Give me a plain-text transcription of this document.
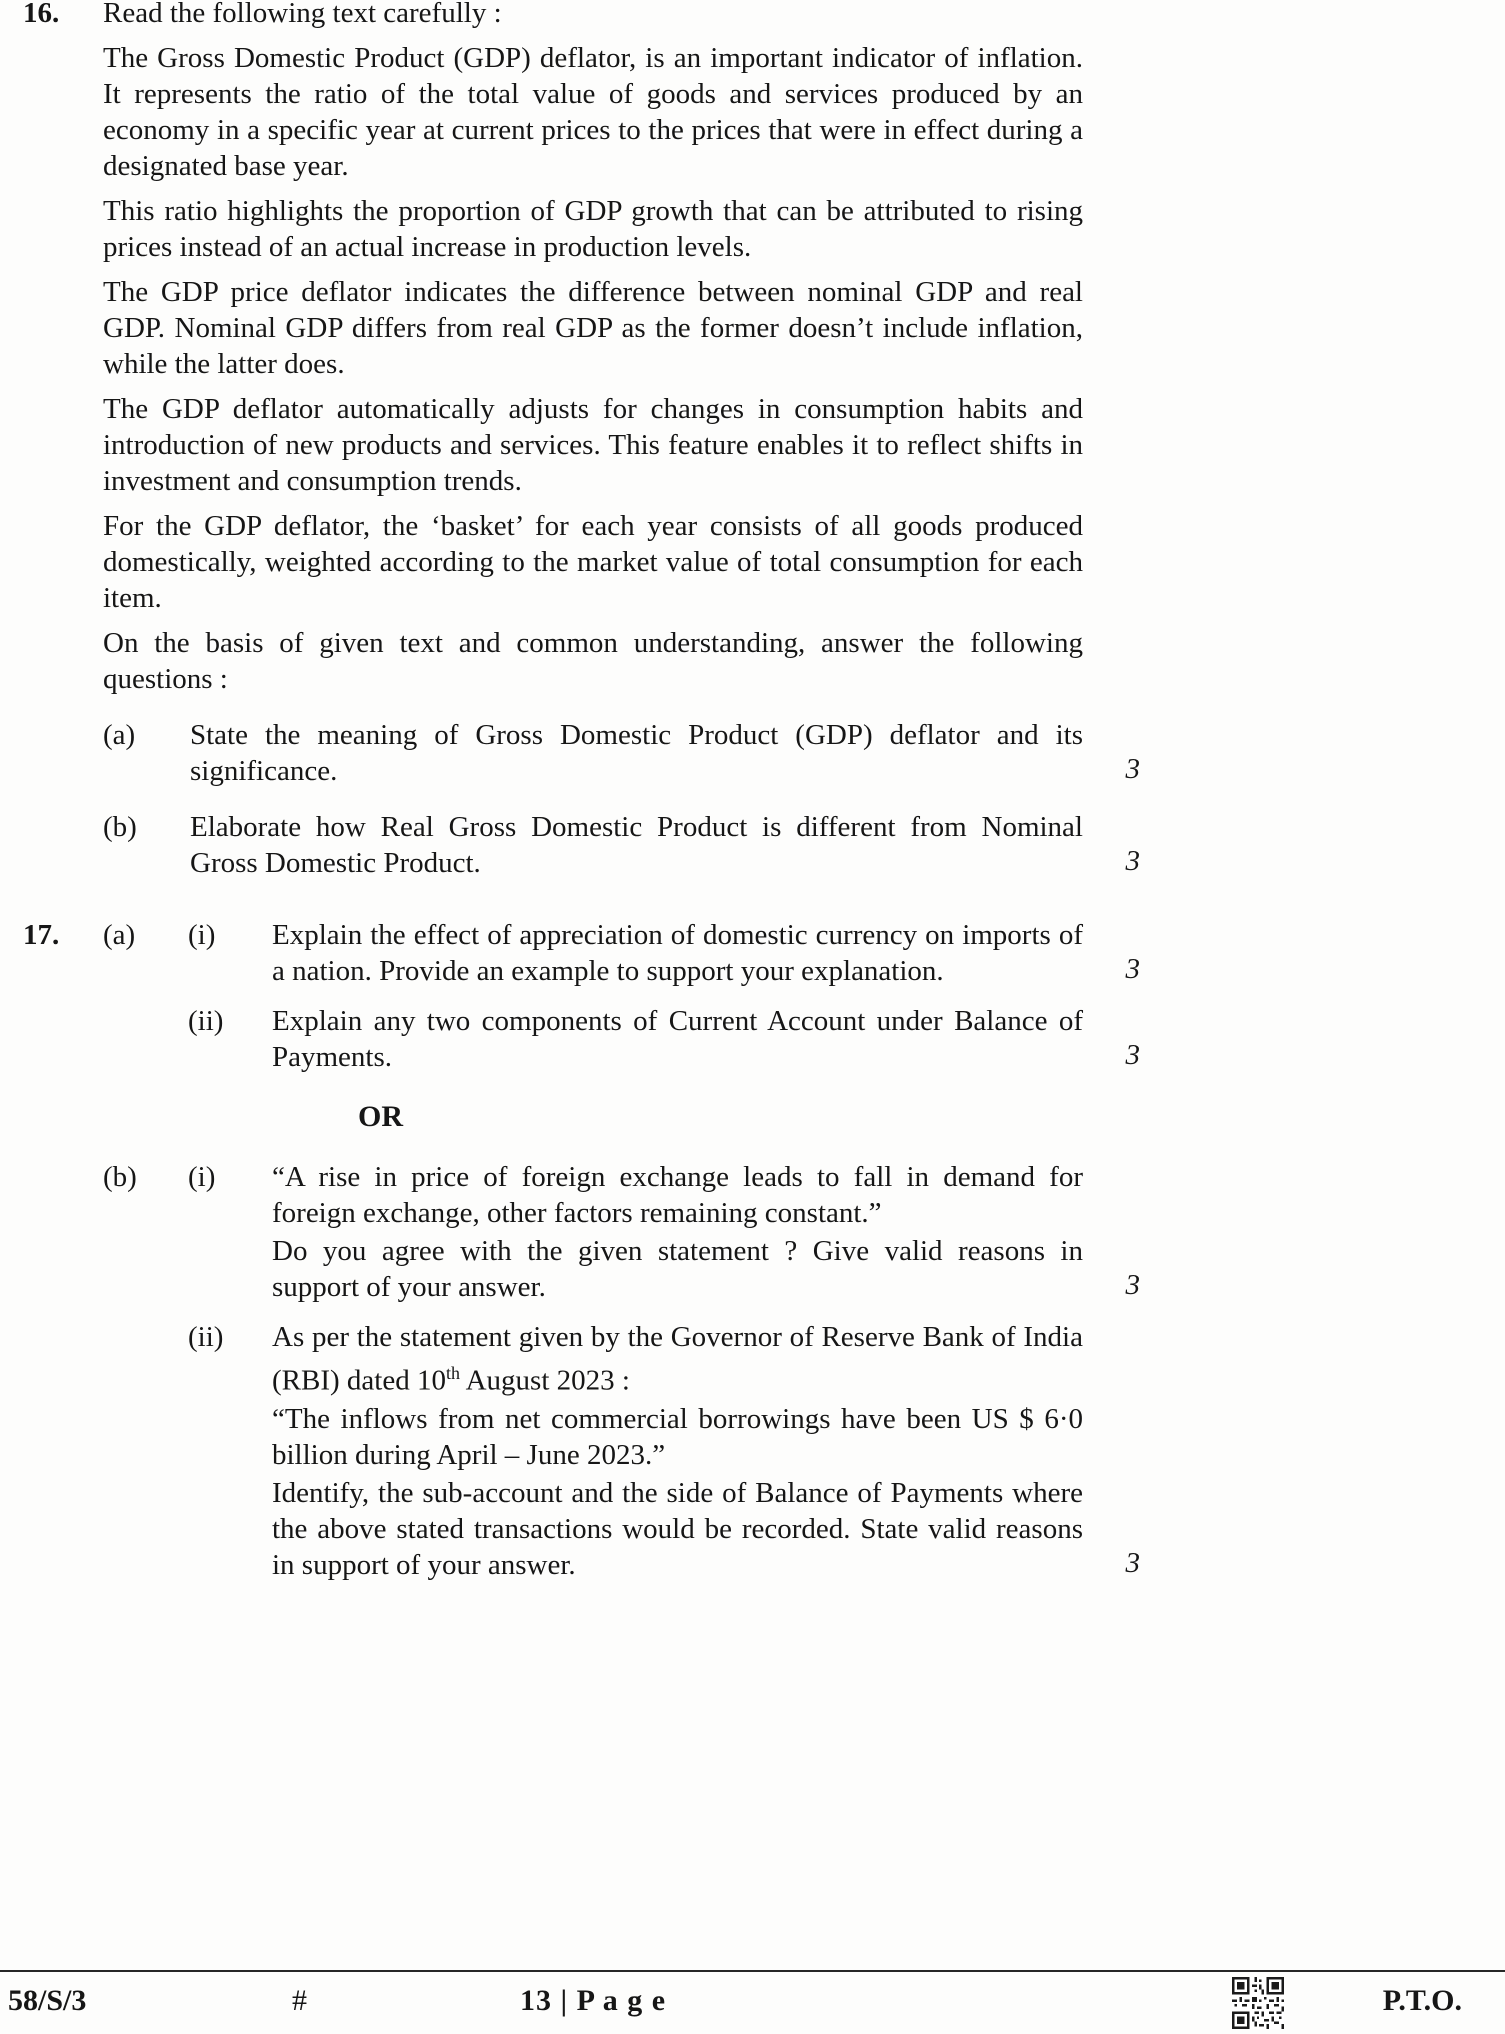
16.	Read the following text carefully :

The Gross Domestic Product (GDP) deflator, is an important indicator of inflation. It represents the ratio of the total value of goods and services produced by an economy in a specific year at current prices to the prices that were in effect during a designated base year.

This ratio highlights the proportion of GDP growth that can be attributed to rising prices instead of an actual increase in production levels.

The GDP price deflator indicates the difference between nominal GDP and real GDP. Nominal GDP differs from real GDP as the former doesn’t include inflation, while the latter does.

The GDP deflator automatically adjusts for changes in consumption habits and introduction of new products and services. This feature enables it to reflect shifts in investment and consumption trends.

For the GDP deflator, the ‘basket’ for each year consists of all goods produced domestically, weighted according to the market value of total consumption for each item.

On the basis of given text and common understanding, answer the following questions :

(a)	State the meaning of Gross Domestic Product (GDP) deflator and its significance.	3
(b)	Elaborate how Real Gross Domestic Product is different from Nominal Gross Domestic Product.	3
17.	(a)	(i)	Explain the effect of appreciation of domestic currency on imports of a nation. Provide an example to support your explanation.	3
(ii)	Explain any two components of Current Account under Balance of Payments.	3

OR

(b)	(i)	“A rise in price of foreign exchange leads to fall in demand for foreign exchange, other factors remaining constant.”

Do you agree with the given statement ? Give valid reasons in support of your answer.	3
(ii)	As per the statement given by the Governor of Reserve Bank of India (RBI) dated 10th August 2023 :

“The inflows from net commercial borrowings have been US $ 6·0 billion during April – June 2023.”

Identify, the sub-account and the side of Balance of Payments where the above stated transactions would be recorded. State valid reasons in support of your answer.	3
58/S/3	#	13 | P a g e	P.T.O.
